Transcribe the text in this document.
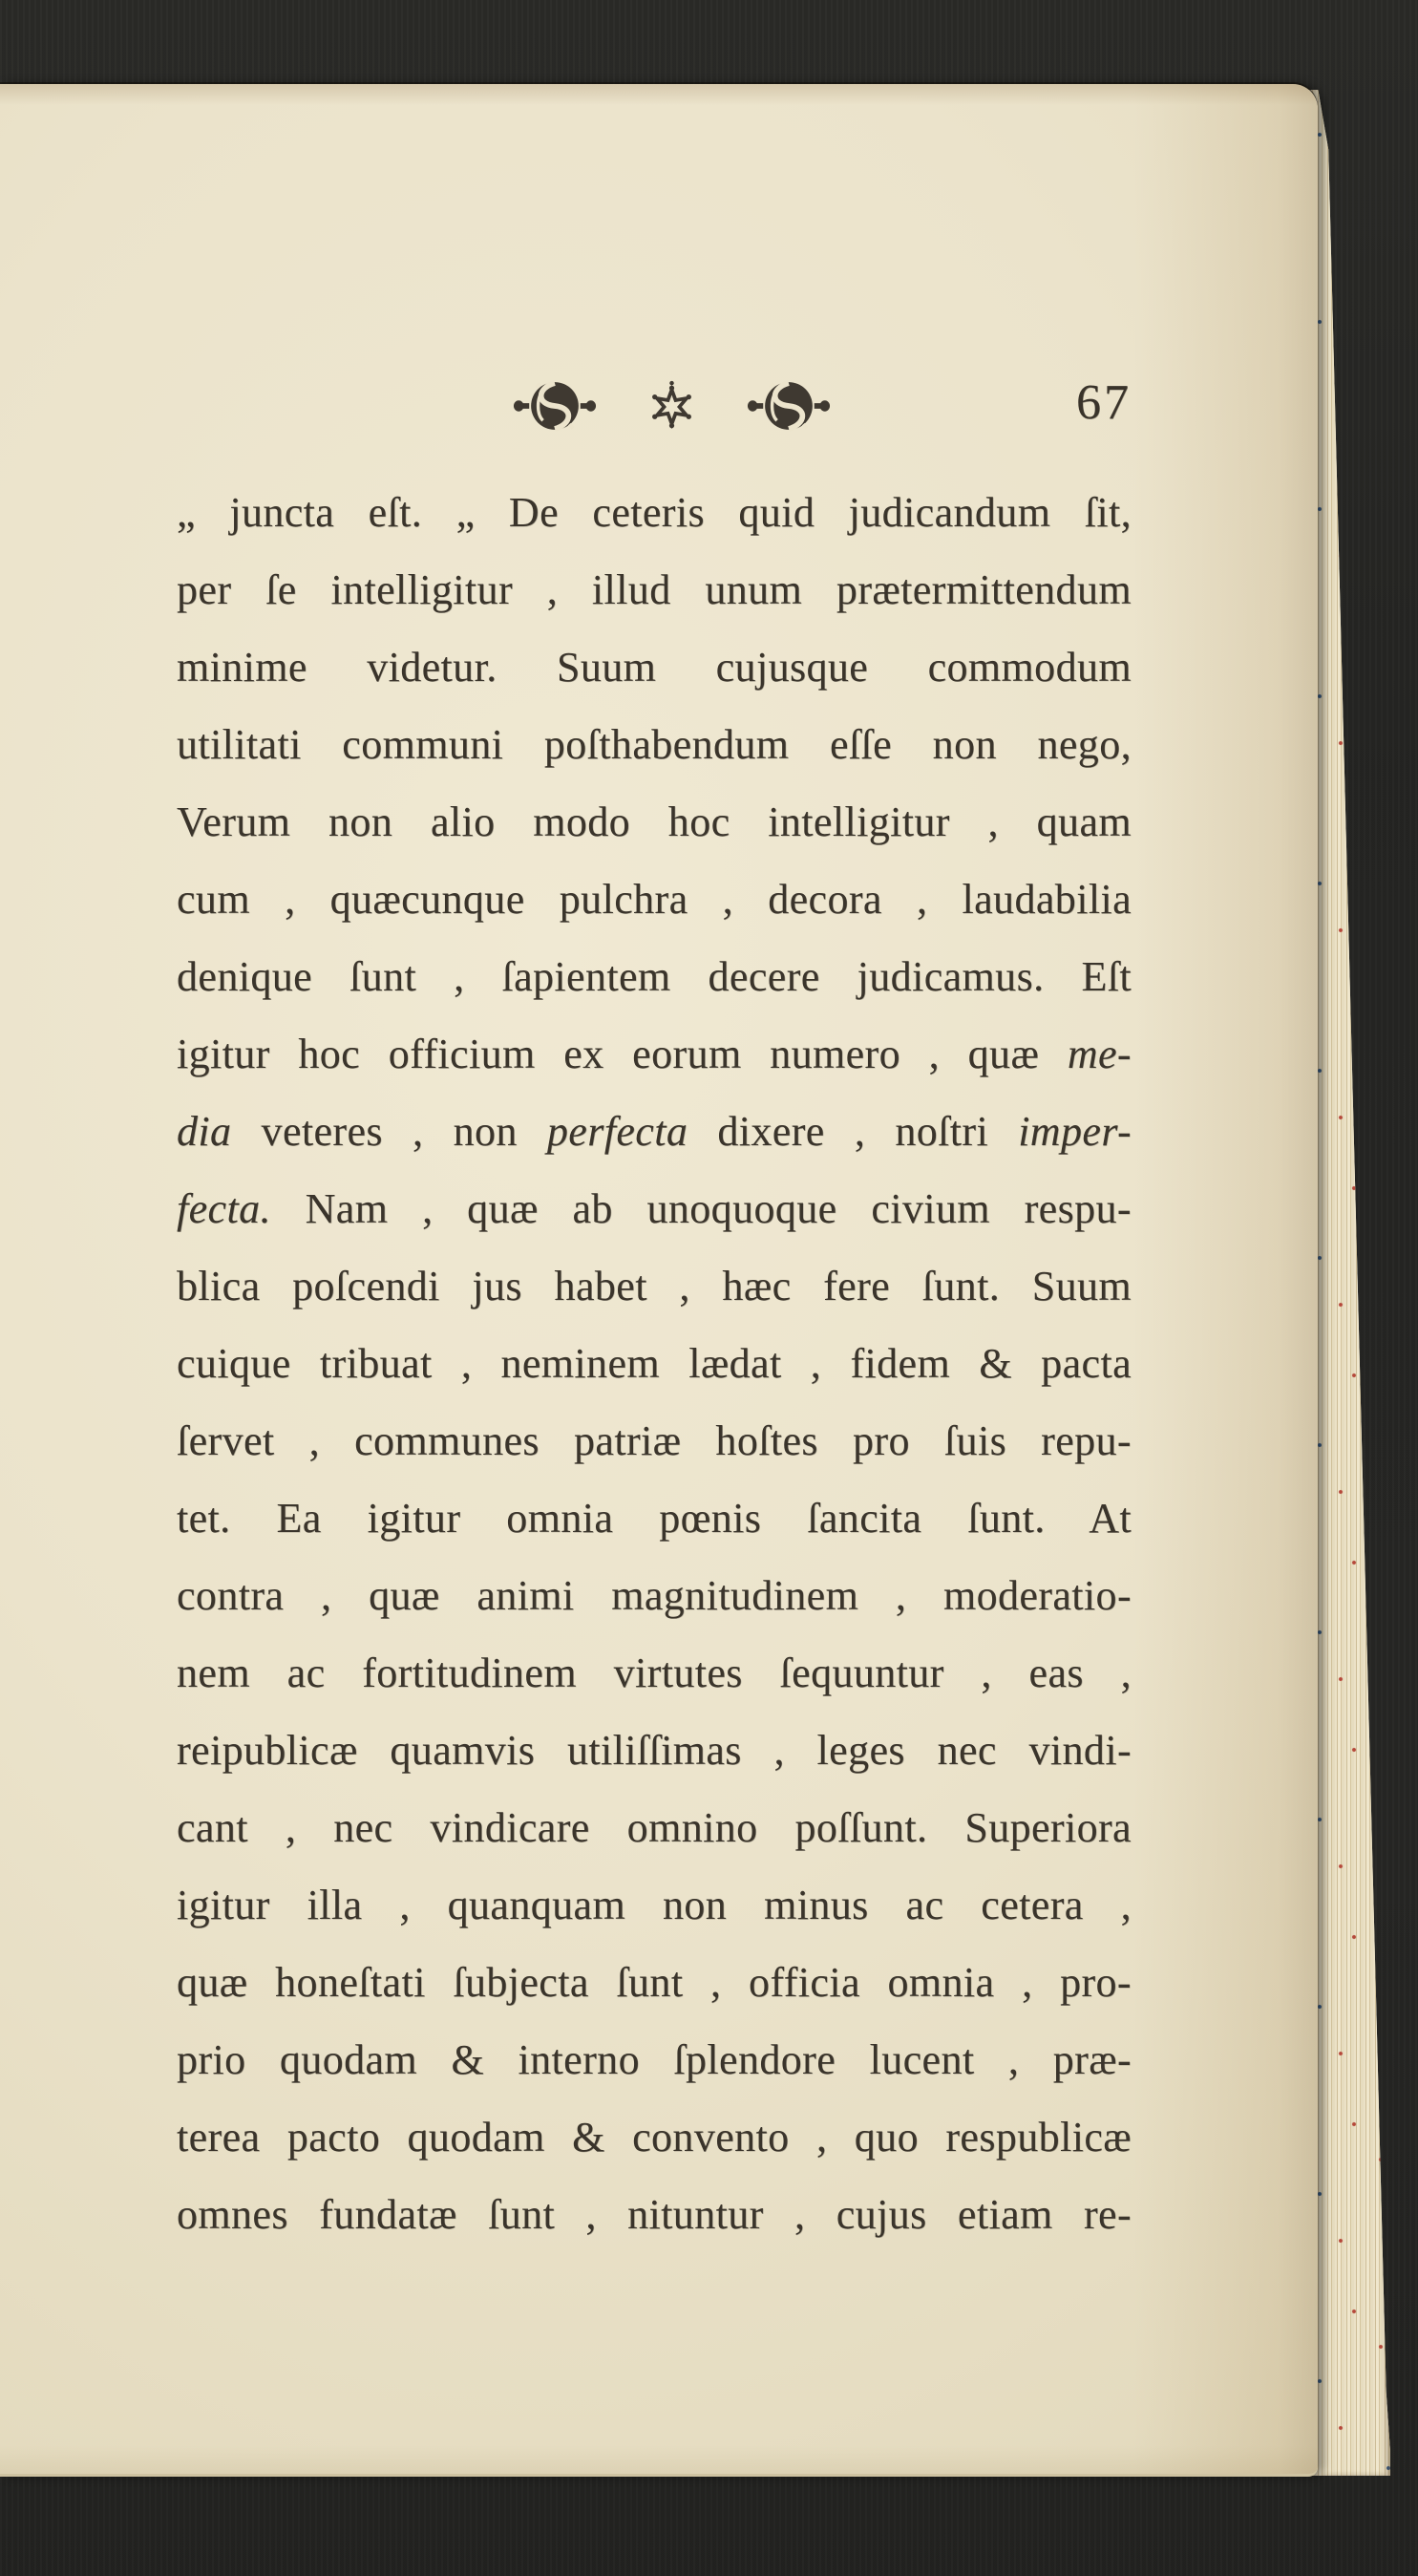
67
„ juncta eſt. „ De ceteris quid judicandum ſit,
per ſe intelligitur , illud unum prætermittendum
minime videtur. Suum cujusque commodum
utilitati communi poſthabendum eſſe non nego,
Verum non alio modo hoc intelligitur , quam
cum , quæcunque pulchra , decora , laudabilia
denique ſunt , ſapientem decere judicamus. Eſt
igitur hoc officium ex eorum numero , quæ me-
dia veteres , non perfecta dixere , noſtri imper-
fecta. Nam , quæ ab unoquoque civium respu-
blica poſcendi jus habet , hæc fere ſunt. Suum
cuique tribuat , neminem lædat , fidem & pacta
ſervet , communes patriæ hoſtes pro ſuis repu-
tet. Ea igitur omnia pœnis ſancita ſunt. At
contra , quæ animi magnitudinem , moderatio-
nem ac fortitudinem virtutes ſequuntur , eas ,
reipublicæ quamvis utiliſſimas , leges nec vindi-
cant , nec vindicare omnino poſſunt. Superiora
igitur illa , quanquam non minus ac cetera ,
quæ honeſtati ſubjecta ſunt , officia omnia , pro-
prio quodam & interno ſplendore lucent , præ-
terea pacto quodam & convento , quo respublicæ
omnes fundatæ ſunt , nituntur , cujus etiam re-
